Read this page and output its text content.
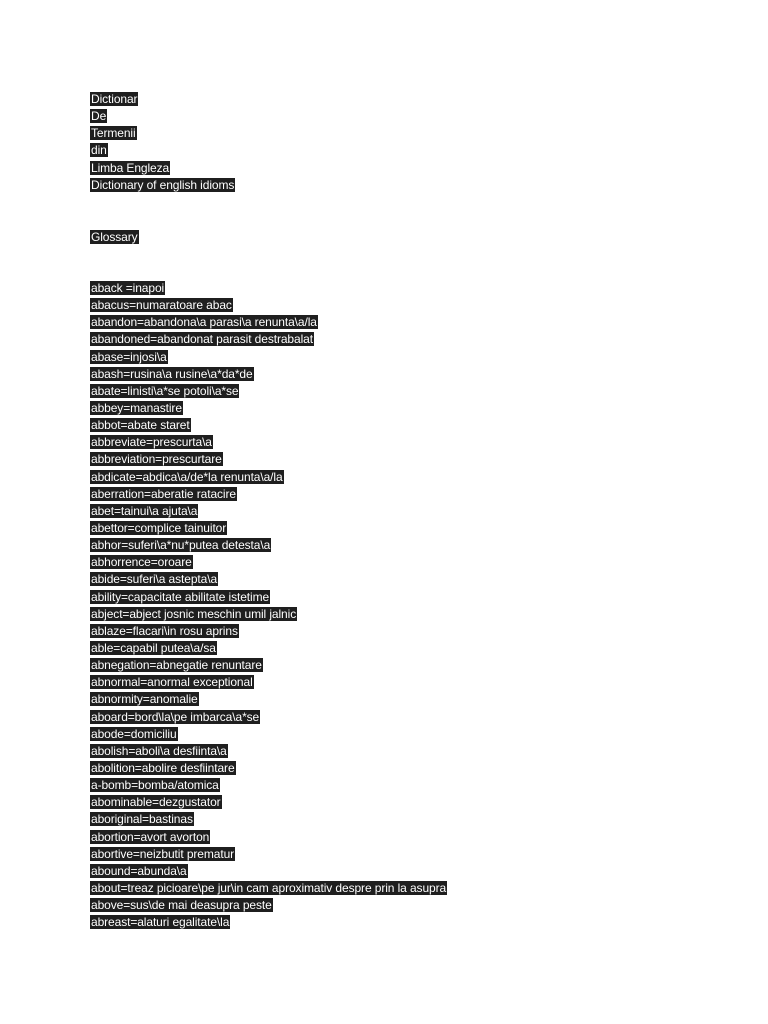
Dictionar
De
Termenii
din
Limba Engleza
Dictionary of english idioms
Glossary
aback =inapoi
abacus=numaratoare abac
abandon=abandona\a parasi\a renunta\a/la
abandoned=abandonat parasit destrabalat
abase=injosi\a
abash=rusina\a rusine\a*da*de
abate=linisti\a*se potoli\a*se
abbey=manastire
abbot=abate staret
abbreviate=prescurta\a
abbreviation=prescurtare
abdicate=abdica\a/de*la renunta\a/la
aberration=aberatie ratacire
abet=tainui\a ajuta\a
abettor=complice tainuitor
abhor=suferi\a*nu*putea detesta\a
abhorrence=oroare
abide=suferi\a astepta\a
ability=capacitate abilitate istetime
abject=abject josnic meschin umil jalnic
ablaze=flacari\in rosu aprins
able=capabil putea\a/sa
abnegation=abnegatie renuntare
abnormal=anormal exceptional
abnormity=anomalie
aboard=bord\la\pe imbarca\a*se
abode=domiciliu
abolish=aboli\a desfiinta\a
abolition=abolire desfiintare
a-bomb=bomba/atomica
abominable=dezgustator
aboriginal=bastinas
abortion=avort avorton
abortive=neizbutit prematur
abound=abunda\a
about=treaz picioare\pe jur\in cam aproximativ despre prin la asupra
above=sus\de mai deasupra peste
abreast=alaturi egalitate\la
